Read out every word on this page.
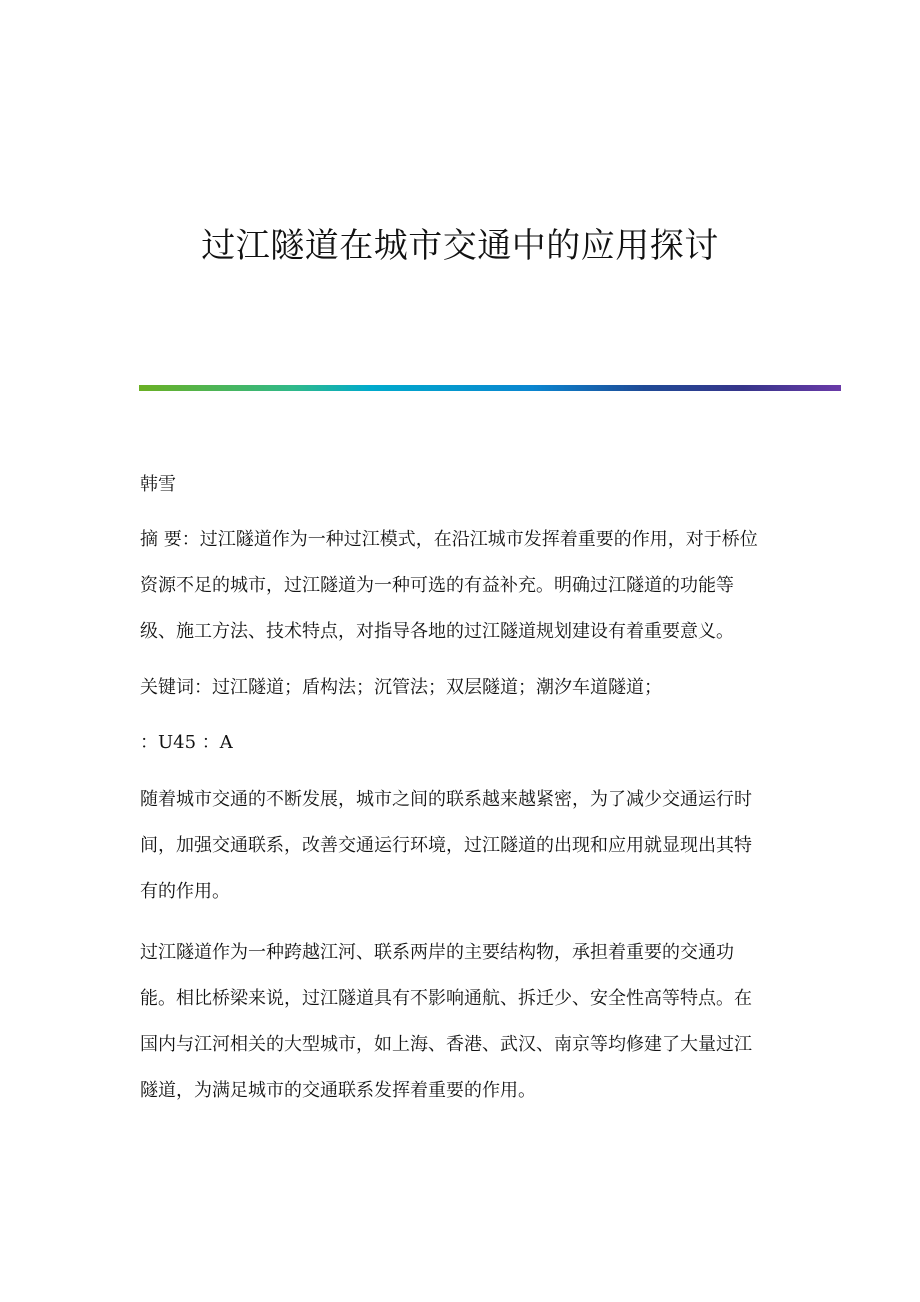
过江隧道在城市交通中的应用探讨
韩雪
摘 要：过江隧道作为一种过江模式，在沿江城市发挥着重要的作用，对于桥位
资源不足的城市，过江隧道为一种可选的有益补充。明确过江隧道的功能等
级、施工方法、技术特点，对指导各地的过江隧道规划建设有着重要意义。
关键词：过江隧道；盾构法；沉管法；双层隧道；潮汐车道隧道；
：U45 ：A
随着城市交通的不断发展，城市之间的联系越来越紧密，为了减少交通运行时
间，加强交通联系，改善交通运行环境，过江隧道的出现和应用就显现出其特
有的作用。
过江隧道作为一种跨越江河、联系两岸的主要结构物，承担着重要的交通功
能。相比桥梁来说，过江隧道具有不影响通航、拆迁少、安全性高等特点。在
国内与江河相关的大型城市，如上海、香港、武汉、南京等均修建了大量过江
隧道，为满足城市的交通联系发挥着重要的作用。
